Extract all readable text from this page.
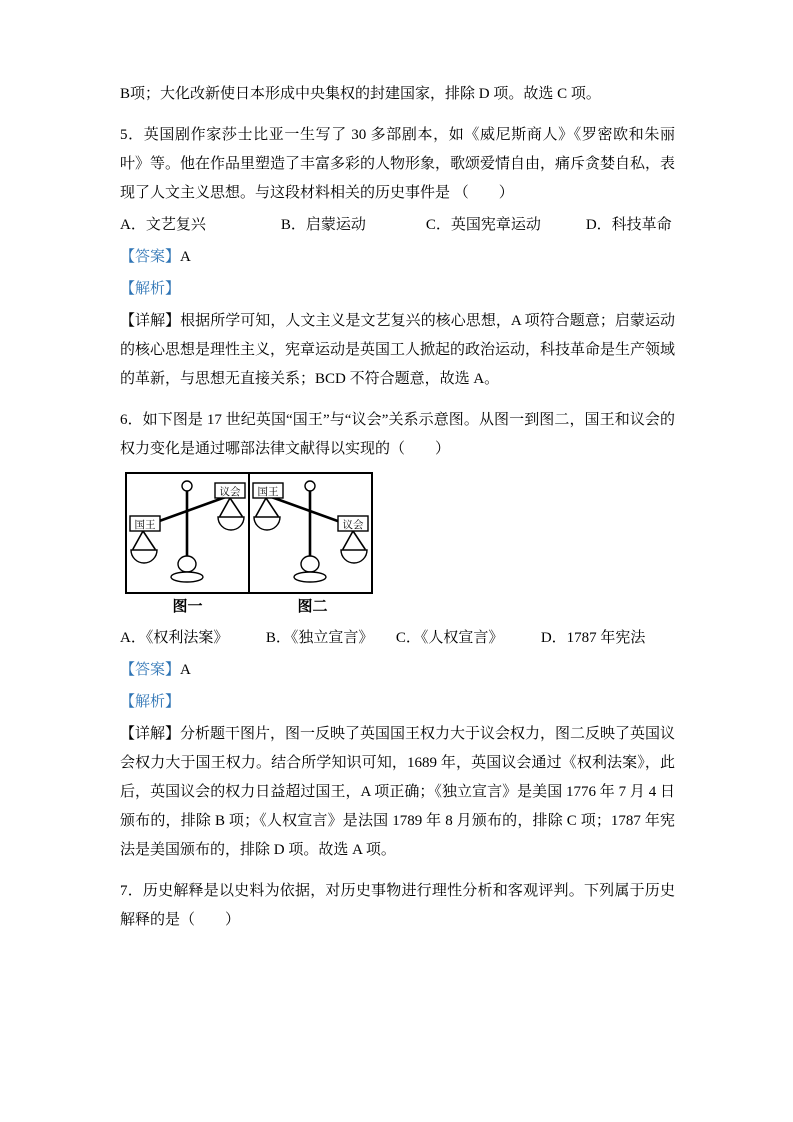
B项；大化改新使日本形成中央集权的封建国家，排除 D 项。故选 C 项。

5．英国剧作家莎士比亚一生写了 30 多部剧本，如《威尼斯商人》《罗密欧和朱丽叶》等。他在作品里塑造了丰富多彩的人物形象，歌颂爱情自由，痛斥贪婪自私，表现了人文主义思想。与这段材料相关的历史事件是 （　　）

A．文艺复兴　　　　　B．启蒙运动　　　　C．英国宪章运动　　　D．科技革命

【答案】A

【解析】

【详解】根据所学可知，人文主义是文艺复兴的核心思想，A 项符合题意；启蒙运动的核心思想是理性主义，宪章运动是英国工人掀起的政治运动，科技革命是生产领域的革新，与思想无直接关系；BCD 不符合题意，故选 A。

6．如下图是 17 世纪英国“国王”与“议会”关系示意图。从图一到图二，国王和议会的权力变化是通过哪部法律文献得以实现的（　　）

国王
议会 国王
议会
图一	图二

A．《权利法案》　　　B．《独立宣言》　　C．《人权宣言》　　　D．1787 年宪法

【答案】A

【解析】

【详解】分析题干图片，图一反映了英国国王权力大于议会权力，图二反映了英国议会权力大于国王权力。结合所学知识可知，1689 年，英国议会通过《权利法案》，此后，英国议会的权力日益超过国王，A 项正确；《独立宣言》是美国 1776 年 7 月 4 日颁布的，排除 B 项；《人权宣言》是法国 1789 年 8 月颁布的，排除 C 项；1787 年宪法是美国颁布的，排除 D 项。故选 A 项。

7．历史解释是以史料为依据，对历史事物进行理性分析和客观评判。下列属于历史解释的是（　　）
